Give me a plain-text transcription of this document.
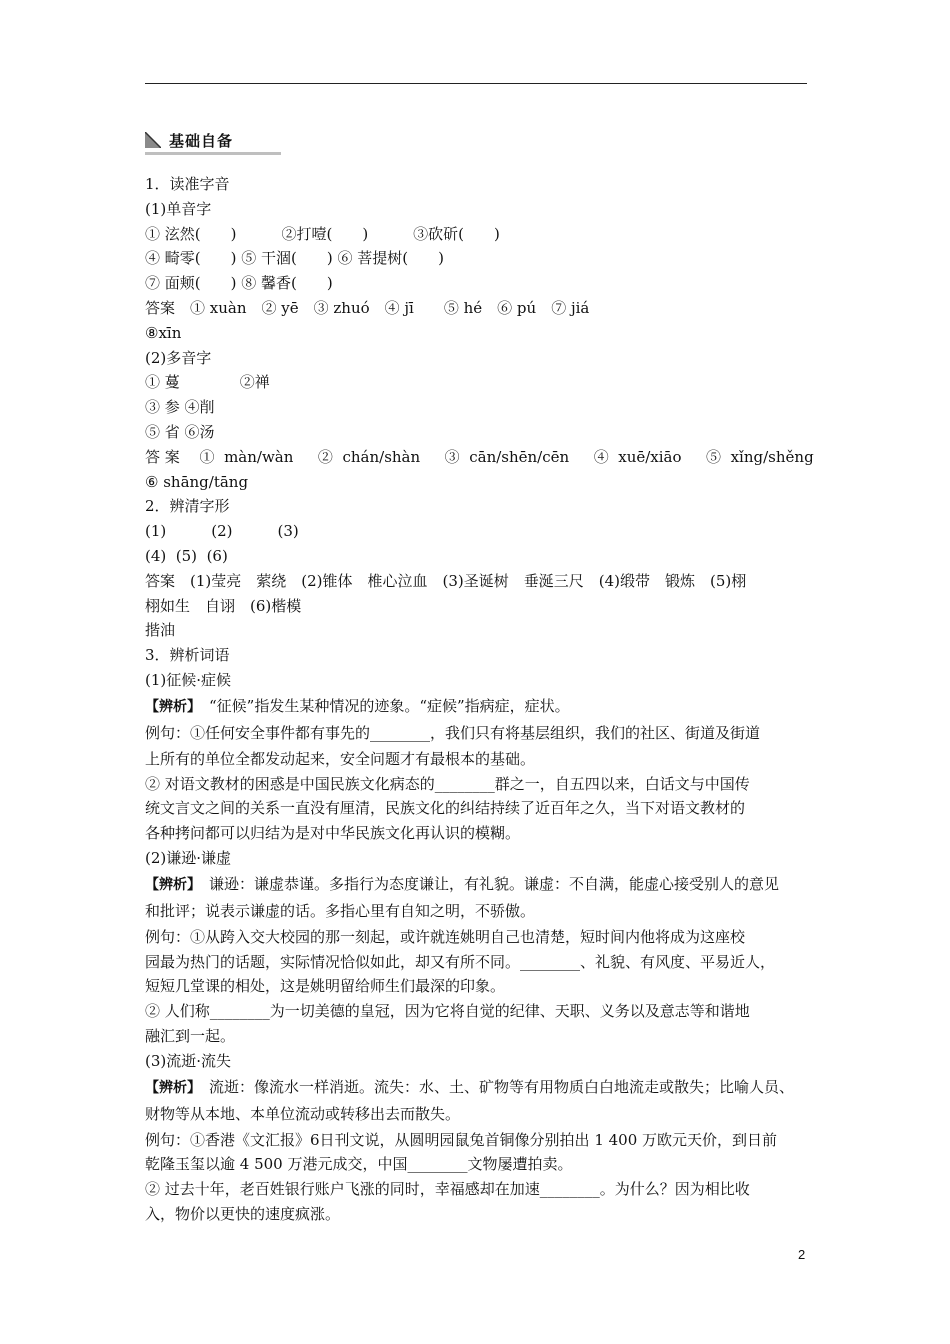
基础自备
1．读准字音
(1)单音字
① 泫然(　　)　　　②打噎(　　)　　　③砍斫(　　)
④ 畸零(　　) ⑤ 干涸(　　) ⑥ 菩提树(　　)
⑦ 面颊(　　) ⑧ 馨香(　　)
答案　① xuàn　② yē　③ zhuó　④ jī　　⑤ hé　⑥ pú　⑦ jiá
⑧xīn
(2)多音字
① 蔓　　　　②禅
③ 参 ④削
⑤ 省 ⑥汤
答 案　 ①  màn/wàn　  ②  chán/shàn　  ③  cān/shēn/cēn　  ④  xuē/xiāo　  ⑤  xǐng/shěng
⑥ shāng/tāng
2．辨清字形
(1)　　　(2)　　　(3)
(4)  (5)  (6)
答案　(1)莹亮　萦绕　(2)锥体　椎心泣血　(3)圣诞树　垂涎三尺　(4)缎带　锻炼　(5)栩
栩如生　自诩　(6)楷模
揩油
3．辨析词语
(1)征候·症候
【辨析】　“征候”指发生某种情况的迹象。“症候”指病症，症状。
例句：①任何安全事件都有事先的________，我们只有将基层组织，我们的社区、街道及街道
上所有的单位全都发动起来，安全问题才有最根本的基础。
② 对语文教材的困惑是中国民族文化病态的________群之一，自五四以来，白话文与中国传
统文言文之间的关系一直没有厘清，民族文化的纠结持续了近百年之久，当下对语文教材的
各种拷问都可以归结为是对中华民族文化再认识的模糊。
(2)谦逊·谦虚
【辨析】　谦逊：谦虚恭谨。多指行为态度谦让，有礼貌。谦虚：不自满，能虚心接受别人的意见
和批评；说表示谦虚的话。多指心里有自知之明，不骄傲。
例句：①从跨入交大校园的那一刻起，或许就连姚明自己也清楚，短时间内他将成为这座校
园最为热门的话题，实际情况恰似如此，却又有所不同。________、礼貌、有风度、平易近人，
短短几堂课的相处，这是姚明留给师生们最深的印象。
② 人们称________为一切美德的皇冠，因为它将自觉的纪律、天职、义务以及意志等和谐地
融汇到一起。
(3)流逝·流失
【辨析】　流逝：像流水一样消逝。流失：水、土、矿物等有用物质白白地流走或散失；比喻人员、
财物等从本地、本单位流动或转移出去而散失。
例句：①香港《文汇报》6日刊文说，从圆明园鼠兔首铜像分别拍出 1 400 万欧元天价，到日前
乾隆玉玺以逾 4 500 万港元成交，中国________文物屡遭拍卖。
② 过去十年，老百姓银行账户飞涨的同时，幸福感却在加速________。为什么？因为相比收
入，物价以更快的速度疯涨。
2
